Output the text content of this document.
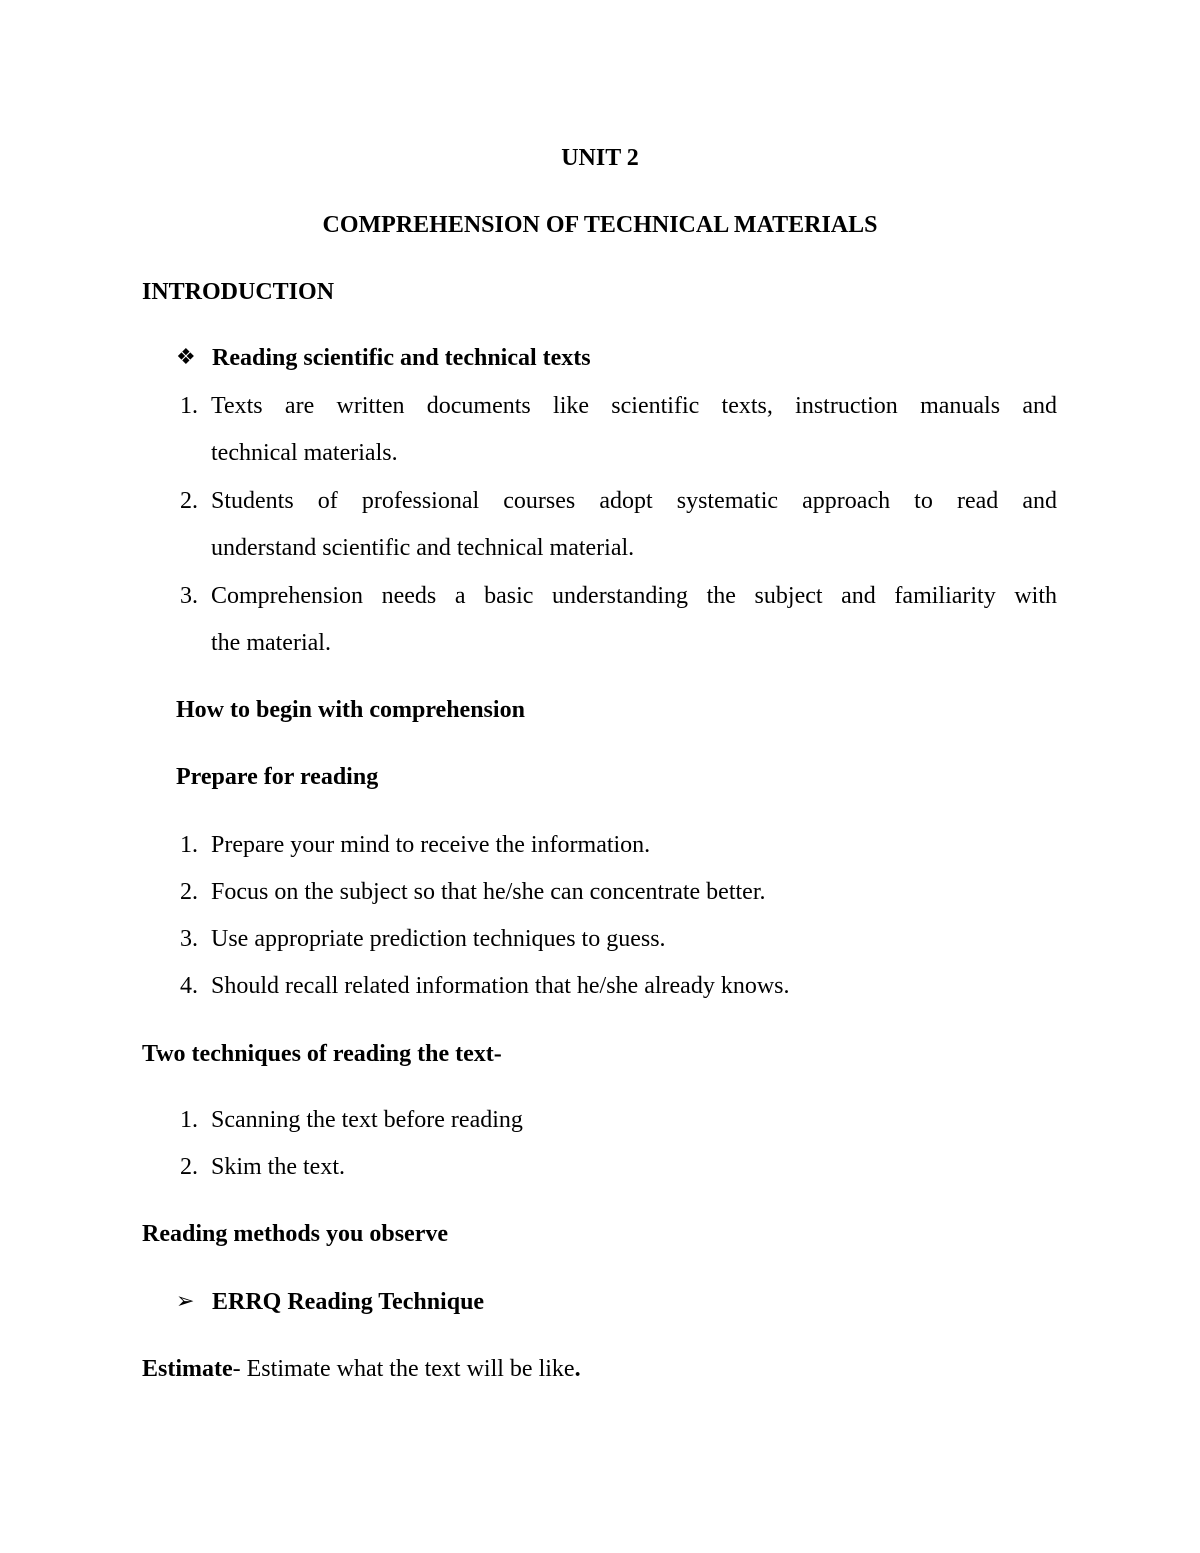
UNIT 2
COMPREHENSION OF TECHNICAL MATERIALS
INTRODUCTION
❖ Reading scientific and technical texts
1. Texts are written documents like scientific texts, instruction manuals and
technical materials.
2. Students of professional courses adopt systematic approach to read and
understand scientific and technical material.
3. Comprehension needs a basic understanding the subject and familiarity with
the material.
How to begin with comprehension
Prepare for reading
1. Prepare your mind to receive the information.
2. Focus on the subject so that he/she can concentrate better.
3. Use appropriate prediction techniques to guess.
4. Should recall related information that he/she already knows.
Two techniques of reading the text-
1. Scanning the text before reading
2. Skim the text.
Reading methods you observe
➢ ERRQ Reading Technique
Estimate- Estimate what the text will be like.
